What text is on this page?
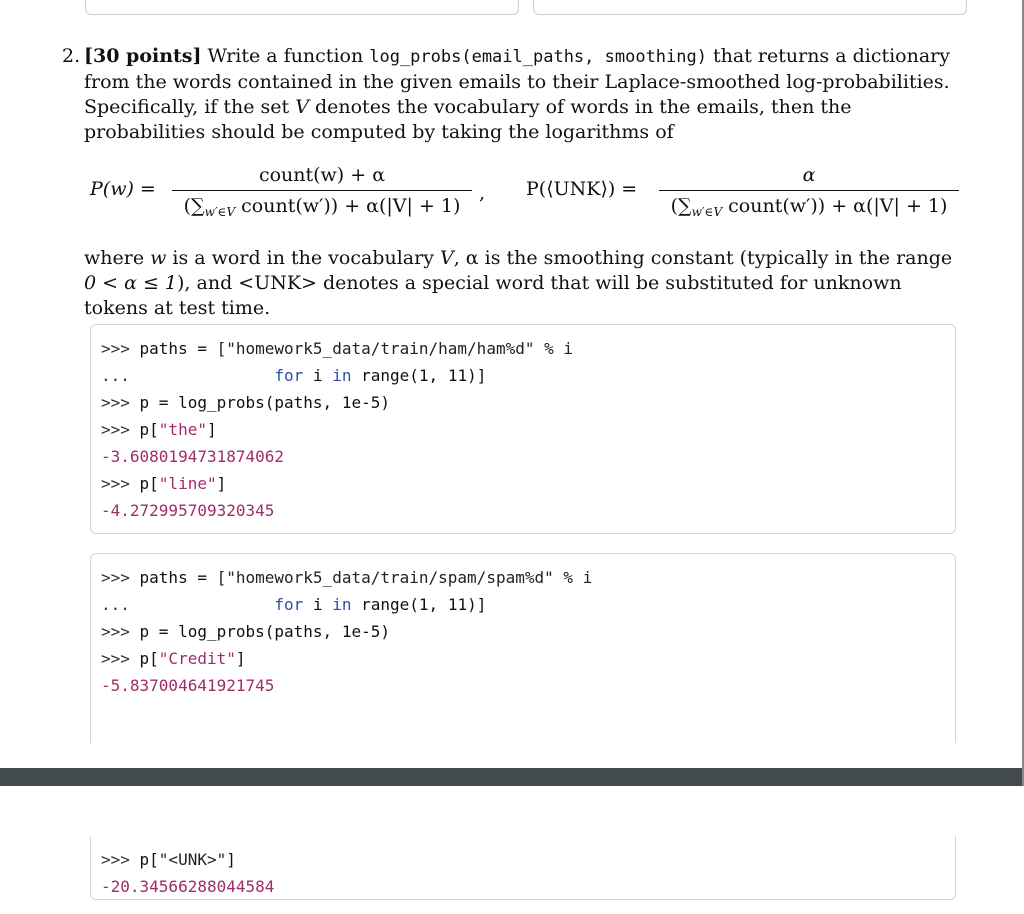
2. [30 points] Write a function log_probs(email_paths, smoothing) that returns a dictionary from the words contained in the given emails to their Laplace-smoothed log-probabilities. Specifically, if the set V denotes the vocabulary of words in the emails, then the probabilities should be computed by taking the logarithms of
P(w) =
count(w) + α
($\sum_{w'\in V}$ count(w′)) + α(|V| + 1)
, P(⟨UNK⟩) =
α
($\sum_{w'\in V}$ count(w′)) + α(|V| + 1)
where w is a word in the vocabulary V, α is the smoothing constant (typically in the range 0 < α ≤ 1), and <UNK> denotes a special word that will be substituted for unknown tokens at test time.
>>> paths = ["homework5_data/train/ham/ham%d" % i
...	for i in range(1, 11)]
>>> p = log_probs(paths, 1e-5)
>>> p["the"]
-3.6080194731874062
>>> p["line"]
-4.272995709320345
>>> paths = ["homework5_data/train/spam/spam%d" % i
...	for i in range(1, 11)]
>>> p = log_probs(paths, 1e-5)
>>> p["Credit"]
-5.837004641921745
>>> p["<UNK>"]
-20.34566288044584
